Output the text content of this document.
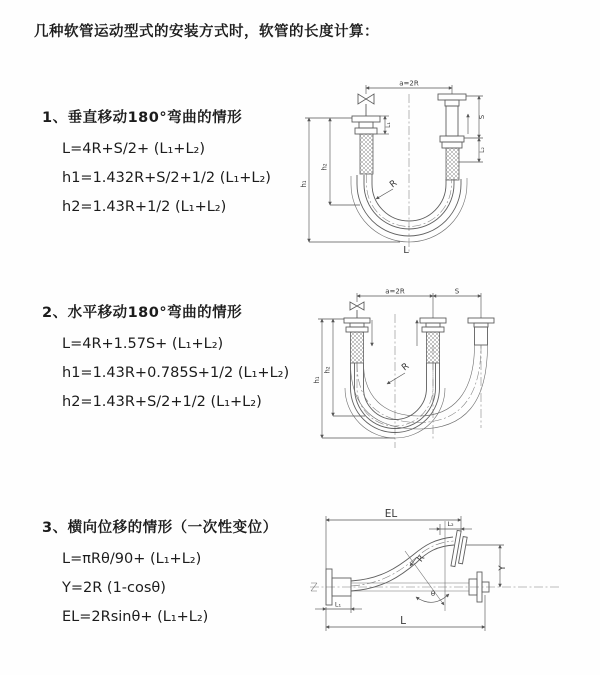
几种软管运动型式的安装方式时，软管的长度计算：
1、垂直移动180°弯曲的情形
L=4R+S/2+ (L₁+L₂)
h1=1.432R+S/2+1/2 (L₁+L₂)
h2=1.43R+1/2 (L₁+L₂)
2、水平移动180°弯曲的情形
L=4R+1.57S+ (L₁+L₂)
h1=1.43R+0.785S+1/2 (L₁+L₂)
h2=1.43R+S/2+1/2 (L₁+L₂)
3、横向位移的情形（一次性变位）
L=πRθ/90+ (L₁+L₂)
Y=2R (1-cosθ)
EL=2Rsinθ+ (L₁+L₂)
a=2R
h₁
h₂
L₁
S
L₂
R
L
a=2R	S
h₁
h₂	R
EL
L₂
Y
L
L₁
R
θ
